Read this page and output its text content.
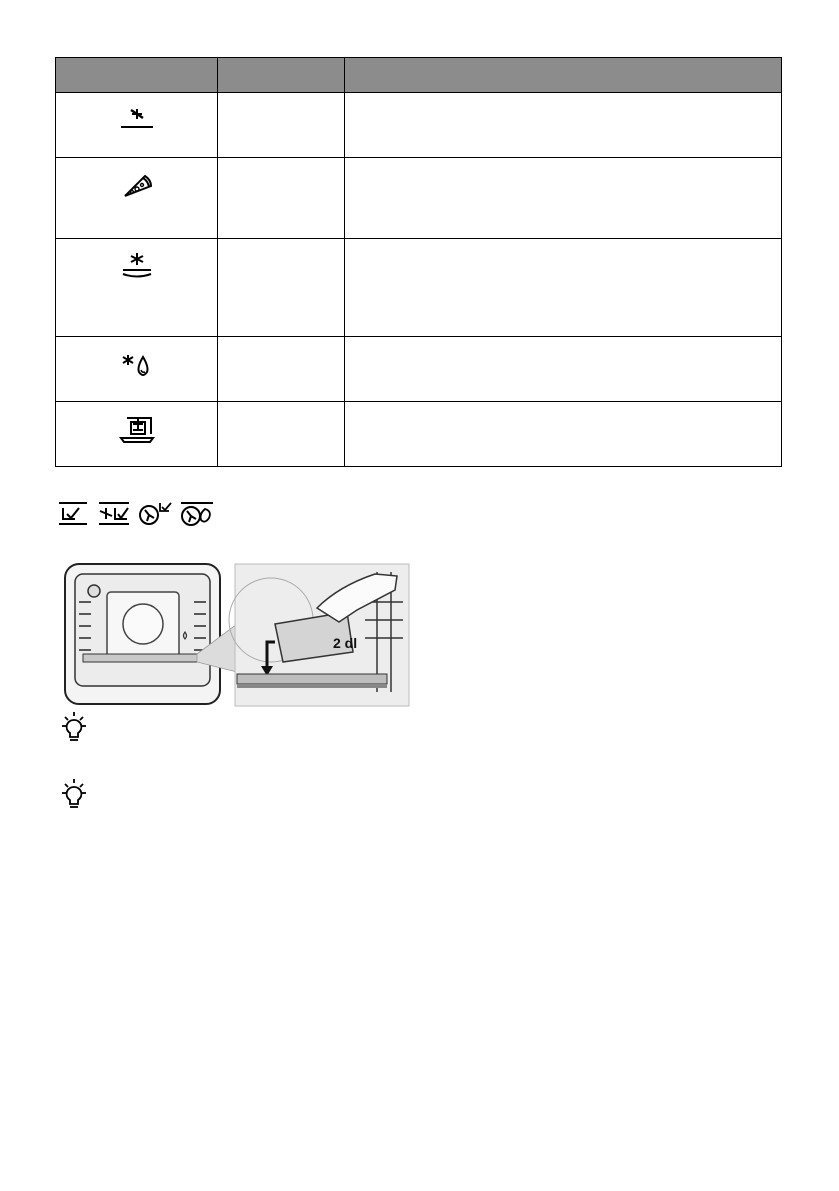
2 dl
